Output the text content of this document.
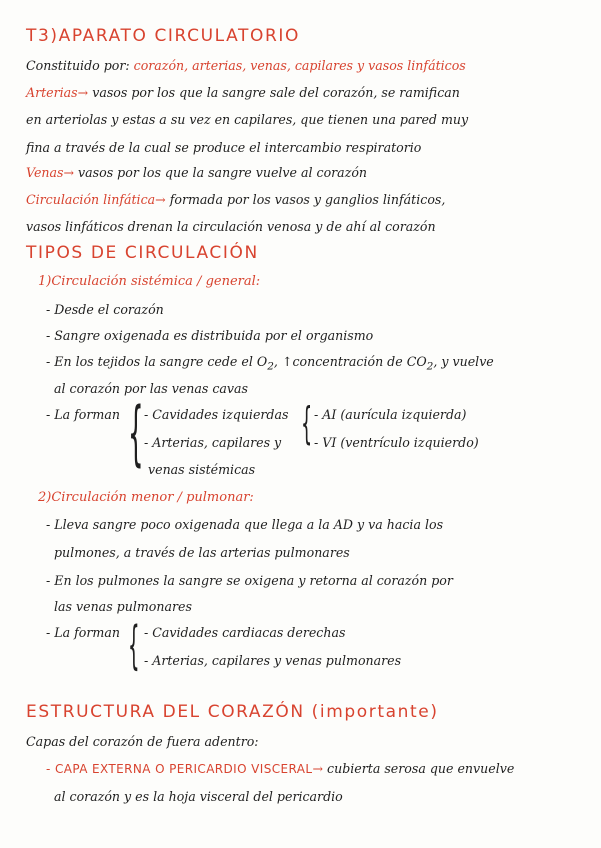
T3)APARATO CIRCULATORIO
Constituido por: corazón, arterias, venas, capilares y vasos linfáticos
Arterias→ vasos por los que la sangre sale del corazón, se ramifican
en arteriolas y estas a su vez en capilares, que tienen una pared muy
fina a través de la cual se produce el intercambio respiratorio
Venas→ vasos por los que la sangre vuelve al corazón
Circulación linfática→ formada por los vasos y ganglios linfáticos,
vasos linfáticos drenan la circulación venosa y de ahí al corazón
TIPOS DE CIRCULACIÓN
1)Circulación sistémica / general:
- Desde el corazón
- Sangre oxigenada es distribuida por el organismo
- En los tejidos la sangre cede el $O_2$, ↑concentración de $CO_2$, y vuelve
al corazón por las venas cavas
- La forman { - Cavidades izquierdas
- Arterias, capilares y
venas sistémicas
{ - AI (aurícula izquierda)
- VI (ventrículo izquierdo)
2)Circulación menor / pulmonar:
- Lleva sangre poco oxigenada que llega a la AD y va hacia los
pulmones, a través de las arterias pulmonares
- En los pulmones la sangre se oxigena y retorna al corazón por
las venas pulmonares
- La forman { - Cavidades cardiacas derechas
- Arterias, capilares y venas pulmonares
ESTRUCTURA DEL CORAZÓN (importante)
Capas del corazón de fuera adentro:
- CAPA EXTERNA O PERICARDIO VISCERAL→ cubierta serosa que envuelve
al corazón y es la hoja visceral del pericardio
